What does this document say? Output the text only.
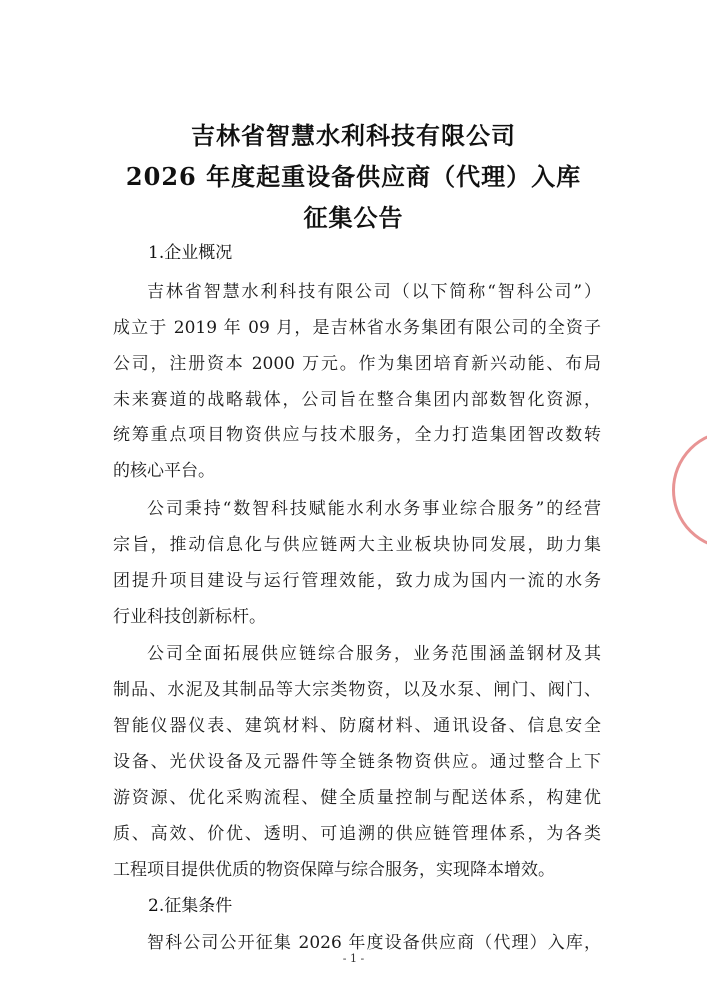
吉林省智慧水利科技有限公司
2026 年度起重设备供应商（代理）入库
征集公告
1.企业概况
吉林省智慧水利科技有限公司（以下简称“智科公司”）
成立于 2019 年 09 月，是吉林省水务集团有限公司的全资子
公司，注册资本 2000 万元。作为集团培育新兴动能、布局
未来赛道的战略载体，公司旨在整合集团内部数智化资源，
统筹重点项目物资供应与技术服务，全力打造集团智改数转
的核心平台。
公司秉持“数智科技赋能水利水务事业综合服务”的经营
宗旨，推动信息化与供应链两大主业板块协同发展，助力集
团提升项目建设与运行管理效能，致力成为国内一流的水务
行业科技创新标杆。
公司全面拓展供应链综合服务，业务范围涵盖钢材及其
制品、水泥及其制品等大宗类物资，以及水泵、闸门、阀门、
智能仪器仪表、建筑材料、防腐材料、通讯设备、信息安全
设备、光伏设备及元器件等全链条物资供应。通过整合上下
游资源、优化采购流程、健全质量控制与配送体系，构建优
质、高效、价优、透明、可追溯的供应链管理体系，为各类
工程项目提供优质的物资保障与综合服务，实现降本增效。
2.征集条件
智科公司公开征集 2026 年度设备供应商（代理）入库，
- 1 -
